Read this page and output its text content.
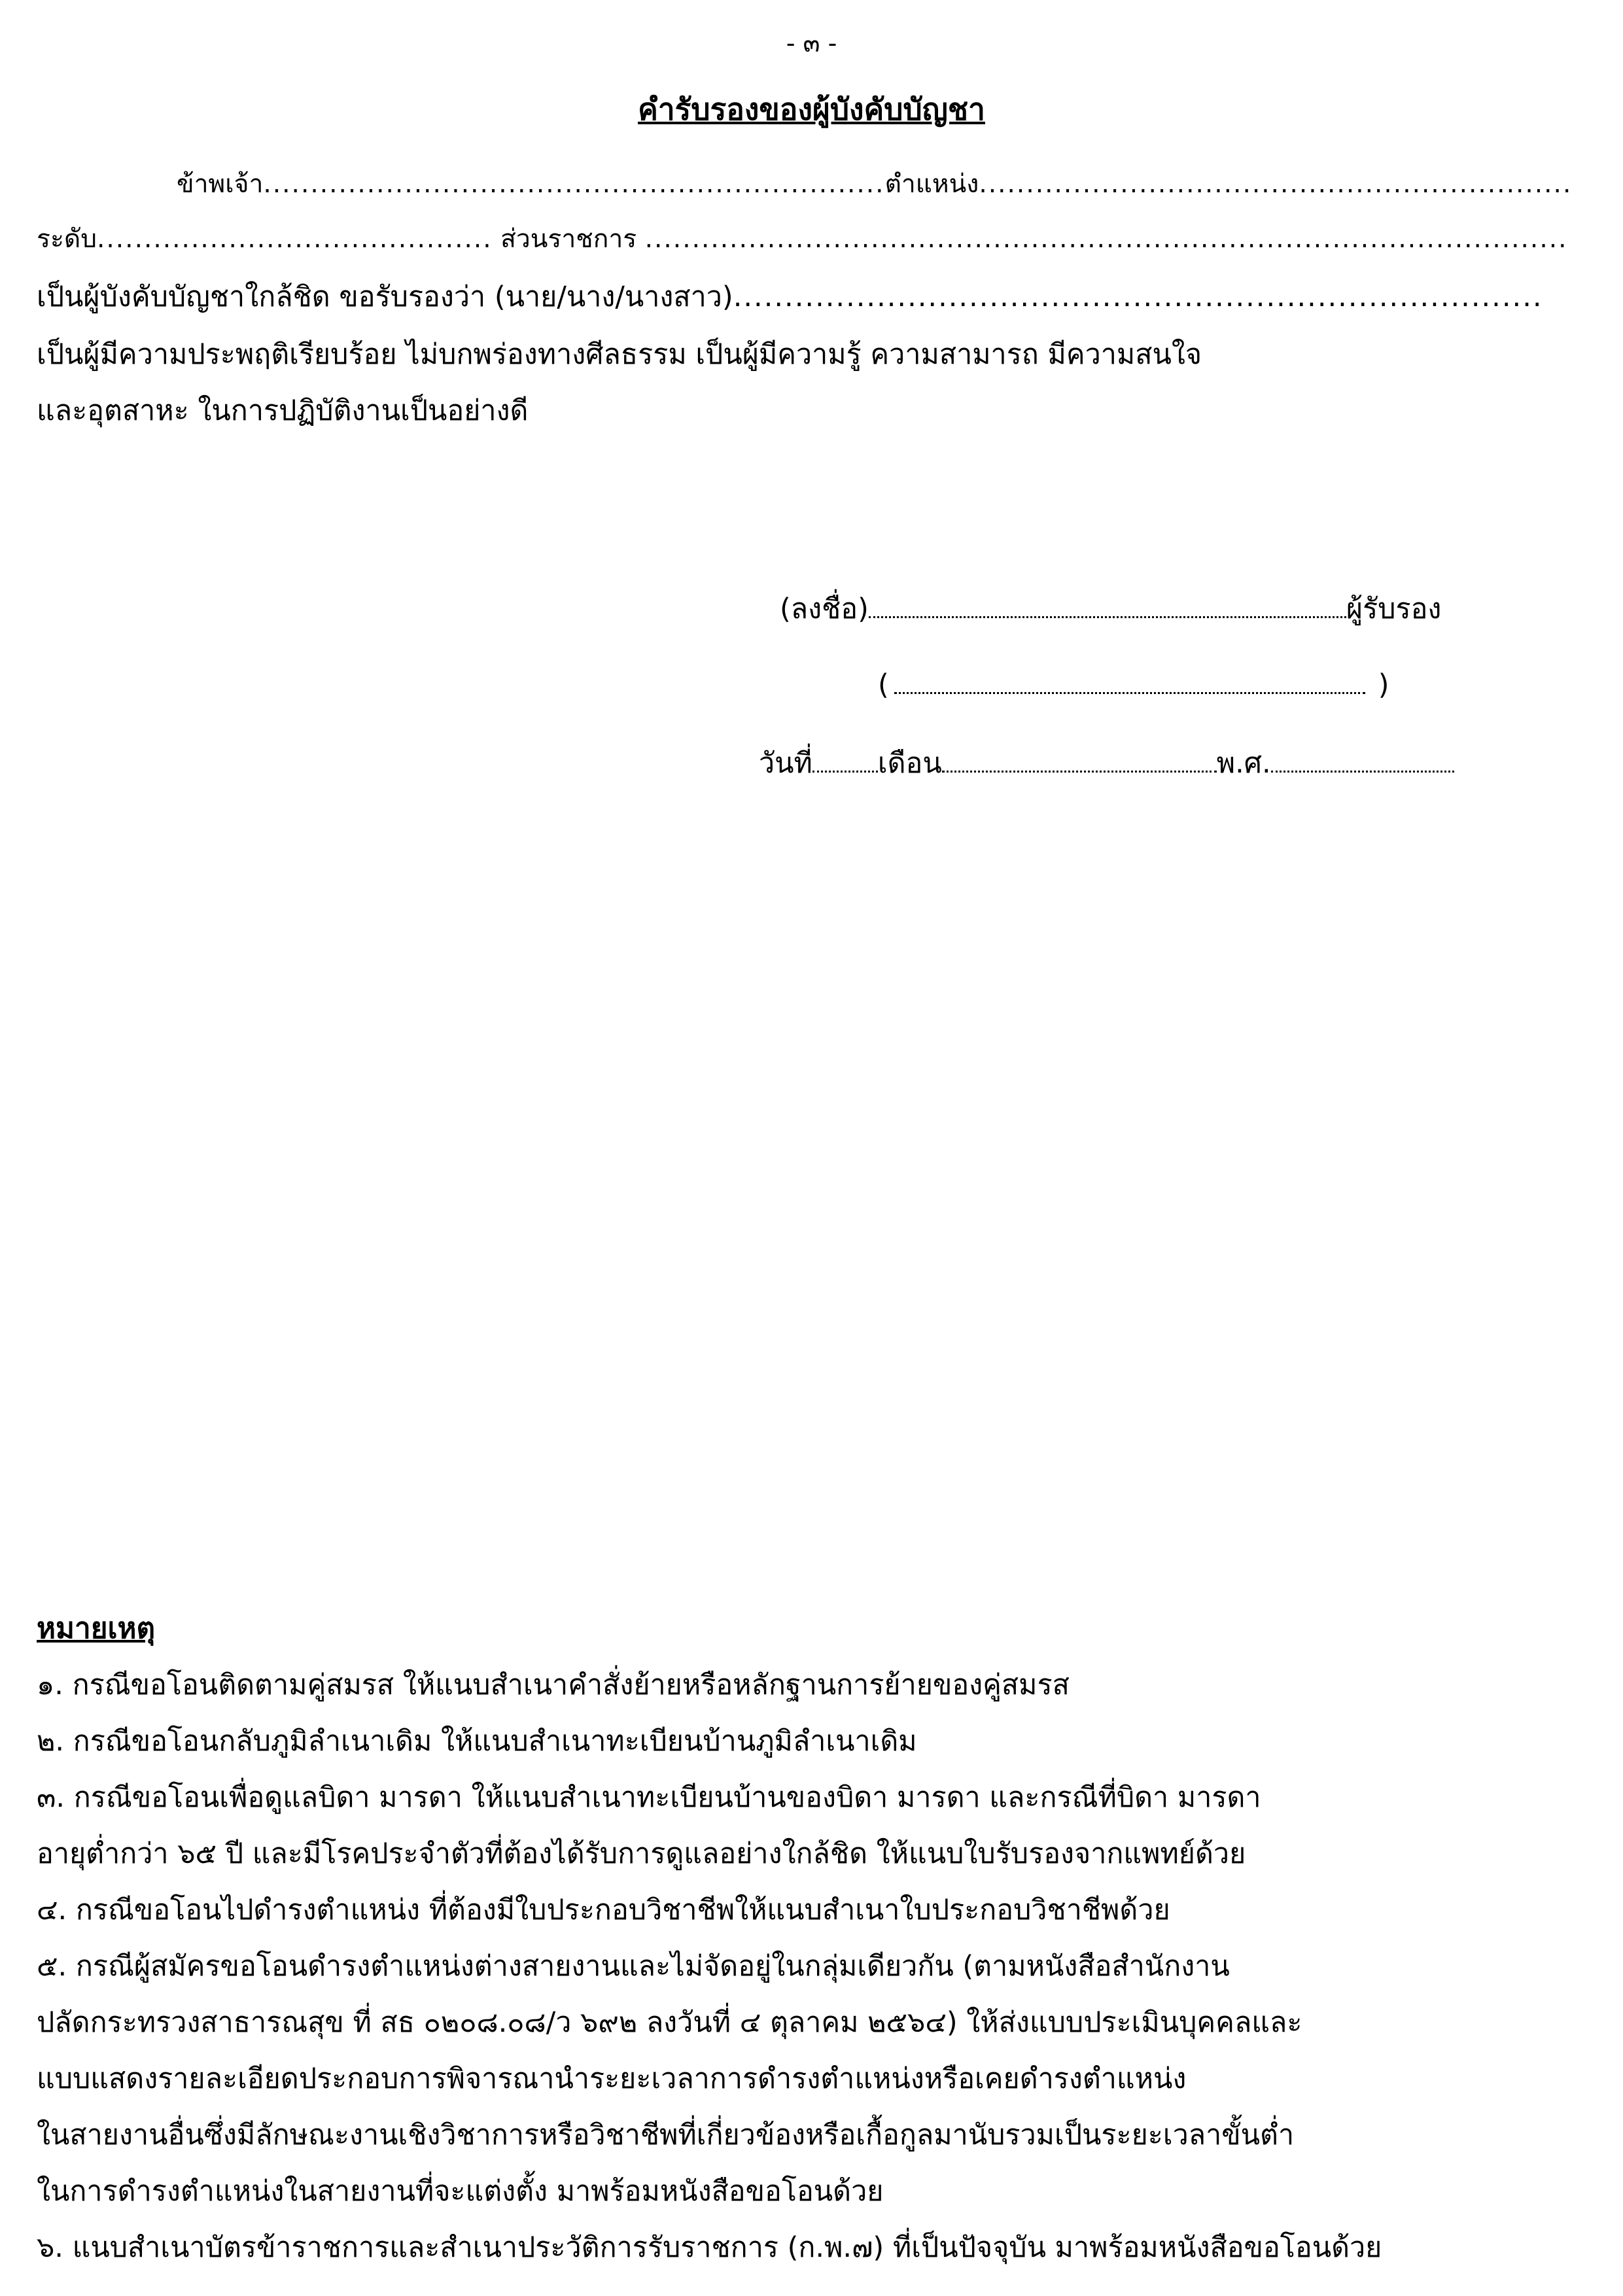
- ๓ -
คำรับรองของผู้บังคับบัญชา
ข้าพเจ้า..................................................................ตำแหน่ง...............................................................
ระดับ.......................................... ส่วนราชการ ..................................................................................................
เป็นผู้บังคับบัญชาใกล้ชิด ขอรับรองว่า (นาย/นาง/นางสาว)...............................................................................
เป็นผู้มีความประพฤติเรียบร้อย ไม่บกพร่องทางศีลธรรม เป็นผู้มีความรู้ ความสามารถ มีความสนใจ
และอุตสาหะ ในการปฏิบัติงานเป็นอย่างดี
(ลงชื่อ)	ผู้รับรอง
(	)
วันที่ เดือน	พ.ศ.
หมายเหตุ
๑. กรณีขอโอนติดตามคู่สมรส ให้แนบสำเนาคำสั่งย้ายหรือหลักฐานการย้ายของคู่สมรส
๒. กรณีขอโอนกลับภูมิลำเนาเดิม ให้แนบสำเนาทะเบียนบ้านภูมิลำเนาเดิม
๓. กรณีขอโอนเพื่อดูแลบิดา มารดา ให้แนบสำเนาทะเบียนบ้านของบิดา มารดา และกรณีที่บิดา มารดา
อายุต่ำกว่า ๖๕ ปี และมีโรคประจำตัวที่ต้องได้รับการดูแลอย่างใกล้ชิด ให้แนบใบรับรองจากแพทย์ด้วย
๔. กรณีขอโอนไปดำรงตำแหน่ง ที่ต้องมีใบประกอบวิชาชีพให้แนบสำเนาใบประกอบวิชาชีพด้วย
๕. กรณีผู้สมัครขอโอนดำรงตำแหน่งต่างสายงานและไม่จัดอยู่ในกลุ่มเดียวกัน (ตามหนังสือสำนักงาน
ปลัดกระทรวงสาธารณสุข ที่ สธ ๐๒๐๘.๐๘/ว ๖๙๒ ลงวันที่ ๔ ตุลาคม ๒๕๖๔) ให้ส่งแบบประเมินบุคคลและ
แบบแสดงรายละเอียดประกอบการพิจารณานำระยะเวลาการดำรงตำแหน่งหรือเคยดำรงตำแหน่ง
ในสายงานอื่นซึ่งมีลักษณะงานเชิงวิชาการหรือวิชาชีพที่เกี่ยวข้องหรือเกื้อกูลมานับรวมเป็นระยะเวลาขั้นต่ำ
ในการดำรงตำแหน่งในสายงานที่จะแต่งตั้ง มาพร้อมหนังสือขอโอนด้วย
๖. แนบสำเนาบัตรข้าราชการและสำเนาประวัติการรับราชการ (ก.พ.๗) ที่เป็นปัจจุบัน มาพร้อมหนังสือขอโอนด้วย
